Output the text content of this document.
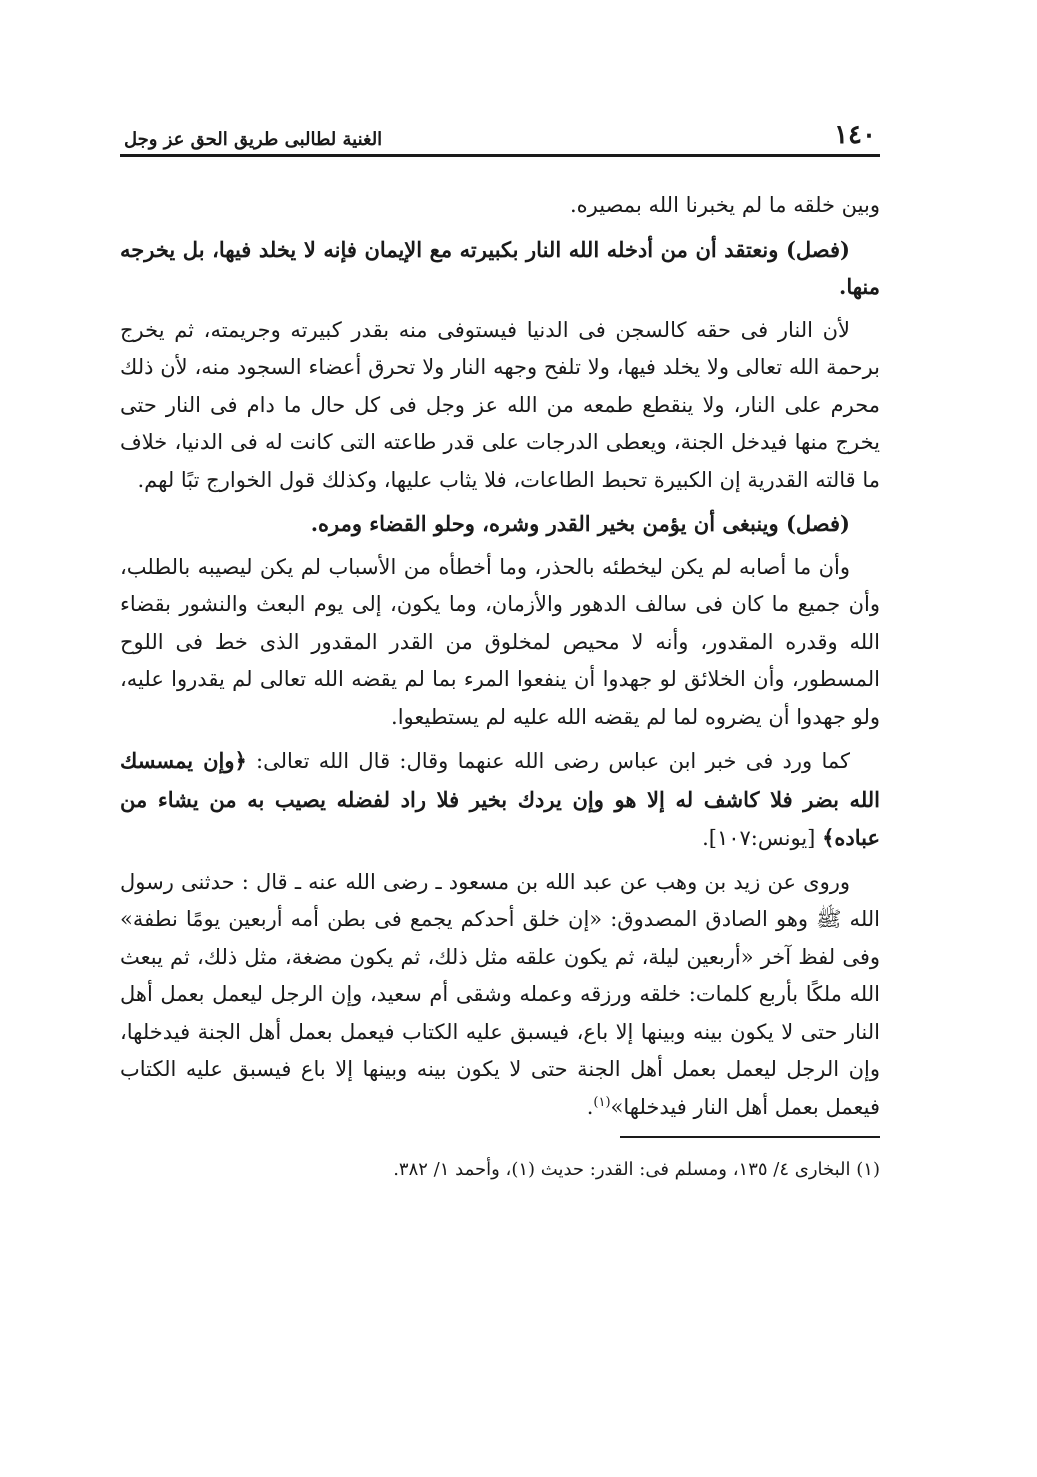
١٤٠
الغنية لطالبى طريق الحق عز وجل

وبين خلقه ما لم يخبرنا الله بمصيره.

(فصل) ونعتقد أن من أدخله الله النار بكبيرته مع الإيمان فإنه لا يخلد فيها، بل يخرجه منها.

لأن النار فى حقه كالسجن فى الدنيا فيستوفى منه بقدر كبيرته وجريمته، ثم يخرج برحمة الله تعالى ولا يخلد فيها، ولا تلفح وجهه النار ولا تحرق أعضاء السجود منه، لأن ذلك محرم على النار، ولا ينقطع طمعه من الله عز وجل فى كل حال ما دام فى النار حتى يخرج منها فيدخل الجنة، ويعطى الدرجات على قدر طاعته التى كانت له فى الدنيا، خلاف ما قالته القدرية إن الكبيرة تحبط الطاعات، فلا يثاب عليها، وكذلك قول الخوارج تبًا لهم.

(فصل) وينبغى أن يؤمن بخير القدر وشره، وحلو القضاء ومره.

وأن ما أصابه لم يكن ليخطئه بالحذر، وما أخطأه من الأسباب لم يكن ليصيبه بالطلب، وأن جميع ما كان فى سالف الدهور والأزمان، وما يكون، إلى يوم البعث والنشور بقضاء الله وقدره المقدور، وأنه لا محيص لمخلوق من القدر المقدور الذى خط فى اللوح المسطور، وأن الخلائق لو جهدوا أن ينفعوا المرء بما لم يقضه الله تعالى لم يقدروا عليه، ولو جهدوا أن يضروه لما لم يقضه الله عليه لم يستطيعوا.

كما ورد فى خبر ابن عباس رضى الله عنهما وقال: قال الله تعالى: ﴿وإن يمسسك الله بضر فلا كاشف له إلا هو وإن يردك بخير فلا راد لفضله يصيب به من يشاء من عباده﴾ [يونس:١٠٧].

وروى عن زيد بن وهب عن عبد الله بن مسعود ـ رضى الله عنه ـ قال : حدثنى رسول الله ﷺ وهو الصادق المصدوق: «إن خلق أحدكم يجمع فى بطن أمه أربعين يومًا نطفة» وفى لفظ آخر «أربعين ليلة، ثم يكون علقه مثل ذلك، ثم يكون مضغة، مثل ذلك، ثم يبعث الله ملكًا بأربع كلمات: خلقه ورزقه وعمله وشقى أم سعيد، وإن الرجل ليعمل بعمل أهل النار حتى لا يكون بينه وبينها إلا باع، فيسبق عليه الكتاب فيعمل بعمل أهل الجنة فيدخلها، وإن الرجل ليعمل بعمل أهل الجنة حتى لا يكون بينه وبينها إلا باع فيسبق عليه الكتاب فيعمل بعمل أهل النار فيدخلها»$^{(١)}$.

(١) البخارى ٤/ ١٣٥، ومسلم فى: القدر: حديث (١)، وأحمد ١/ ٣٨٢.
